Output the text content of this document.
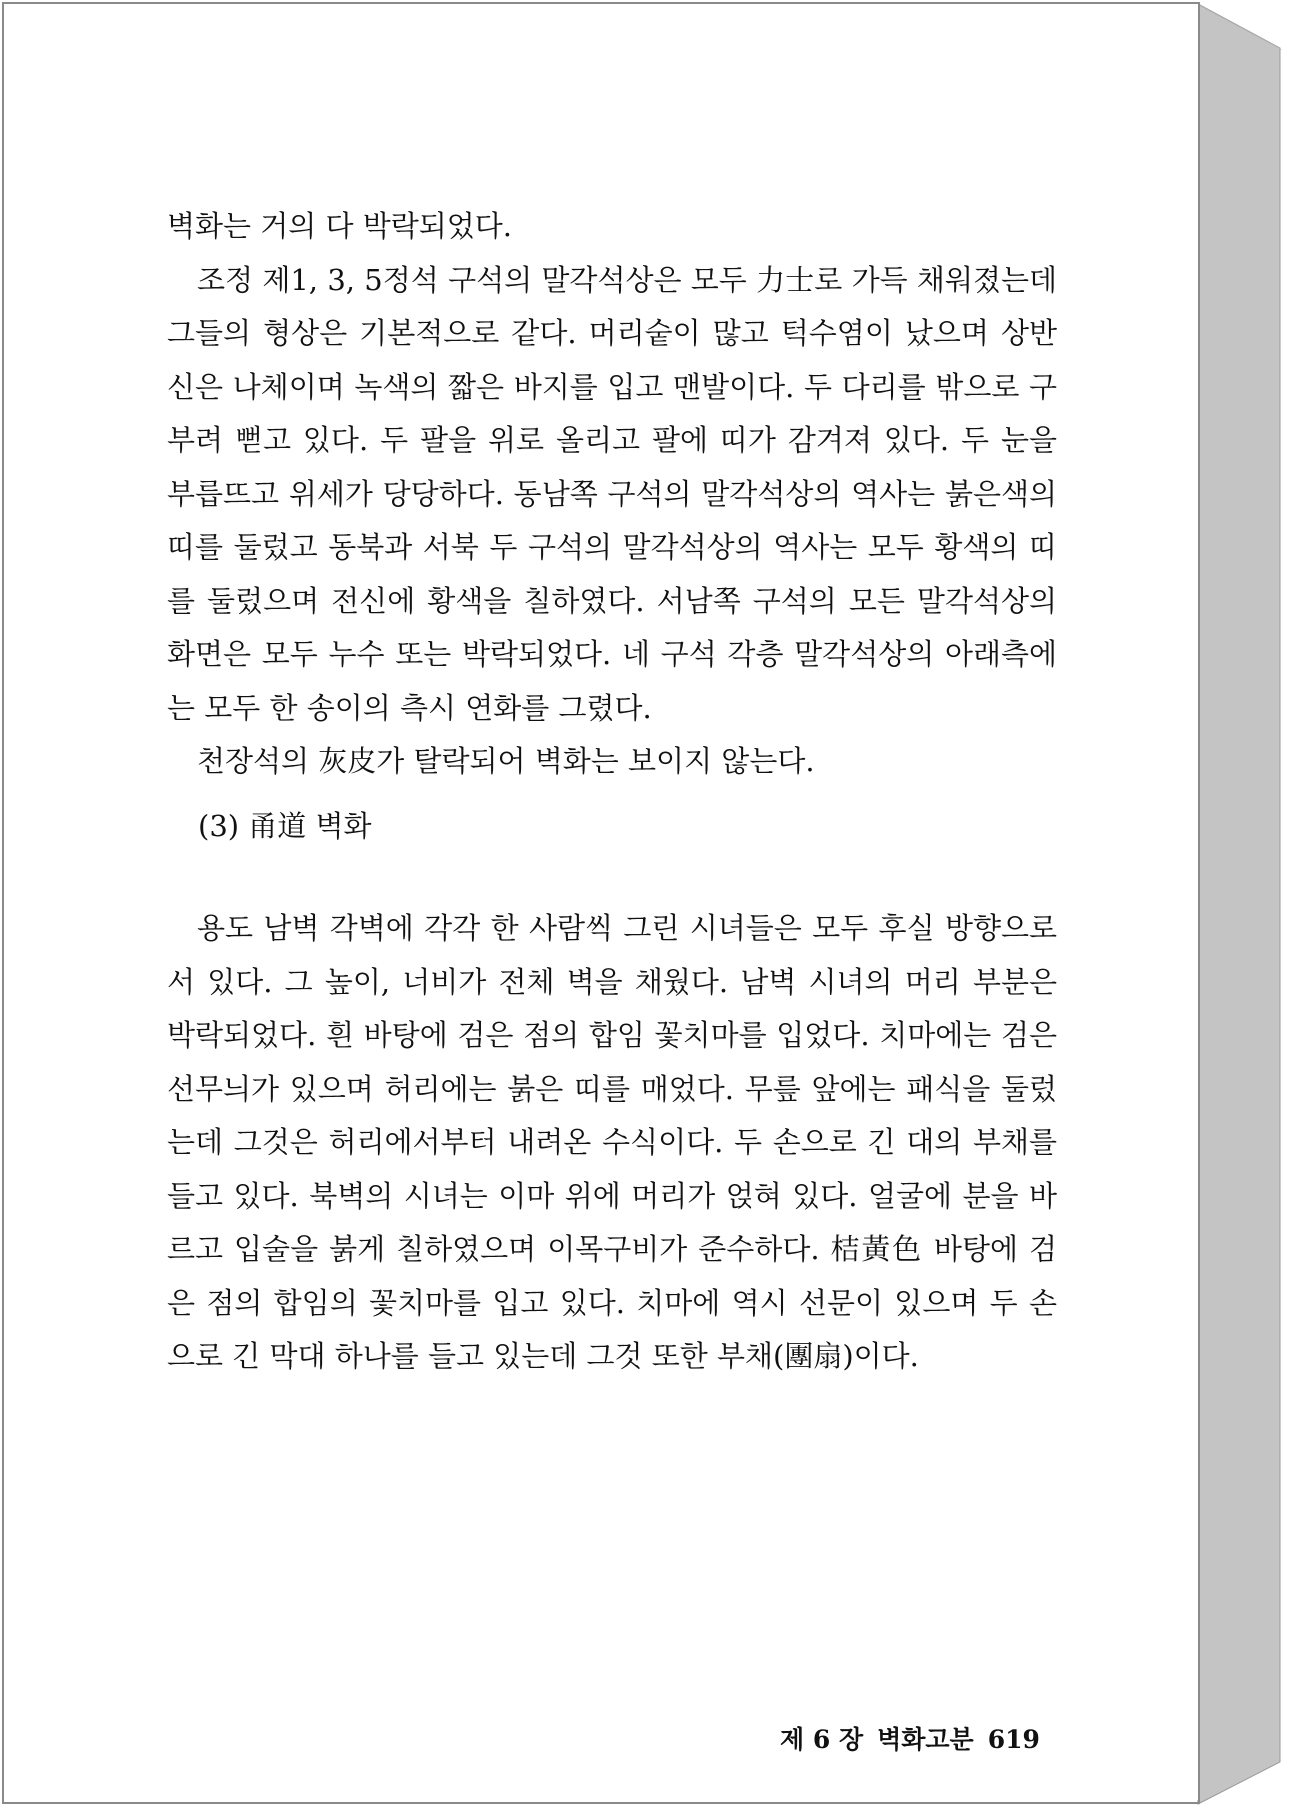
벽화는 거의 다 박락되었다.

조정 제1, 3, 5정석 구석의 말각석상은 모두 力士로 가득 채워졌는데 그들의 형상은 기본적으로 같다. 머리숱이 많고 턱수염이 났으며 상반신은 나체이며 녹색의 짧은 바지를 입고 맨발이다. 두 다리를 밖으로 구부려 뻗고 있다. 두 팔을 위로 올리고 팔에 띠가 감겨져 있다. 두 눈을 부릅뜨고 위세가 당당하다. 동남쪽 구석의 말각석상의 역사는 붉은색의 띠를 둘렀고 동북과 서북 두 구석의 말각석상의 역사는 모두 황색의 띠를 둘렀으며 전신에 황색을 칠하였다. 서남쪽 구석의 모든 말각석상의 화면은 모두 누수 또는 박락되었다. 네 구석 각층 말각석상의 아래측에는 모두 한 송이의 측시 연화를 그렸다.

천장석의 灰皮가 탈락되어 벽화는 보이지 않는다.

(3) 甬道 벽화

용도 남벽 각벽에 각각 한 사람씩 그린 시녀들은 모두 후실 방향으로 서 있다. 그 높이, 너비가 전체 벽을 채웠다. 남벽 시녀의 머리 부분은 박락되었다. 흰 바탕에 검은 점의 합임 꽃치마를 입었다. 치마에는 검은 선무늬가 있으며 허리에는 붉은 띠를 매었다. 무릎 앞에는 패식을 둘렀는데 그것은 허리에서부터 내려온 수식이다. 두 손으로 긴 대의 부채를 들고 있다. 북벽의 시녀는 이마 위에 머리가 얹혀 있다. 얼굴에 분을 바르고 입술을 붉게 칠하였으며 이목구비가 준수하다. 桔黃色 바탕에 검은 점의 합임의 꽃치마를 입고 있다. 치마에 역시 선문이 있으며 두 손으로 긴 막대 하나를 들고 있는데 그것 또한 부채(團扇)이다.

제 6 장 벽화고분 619
